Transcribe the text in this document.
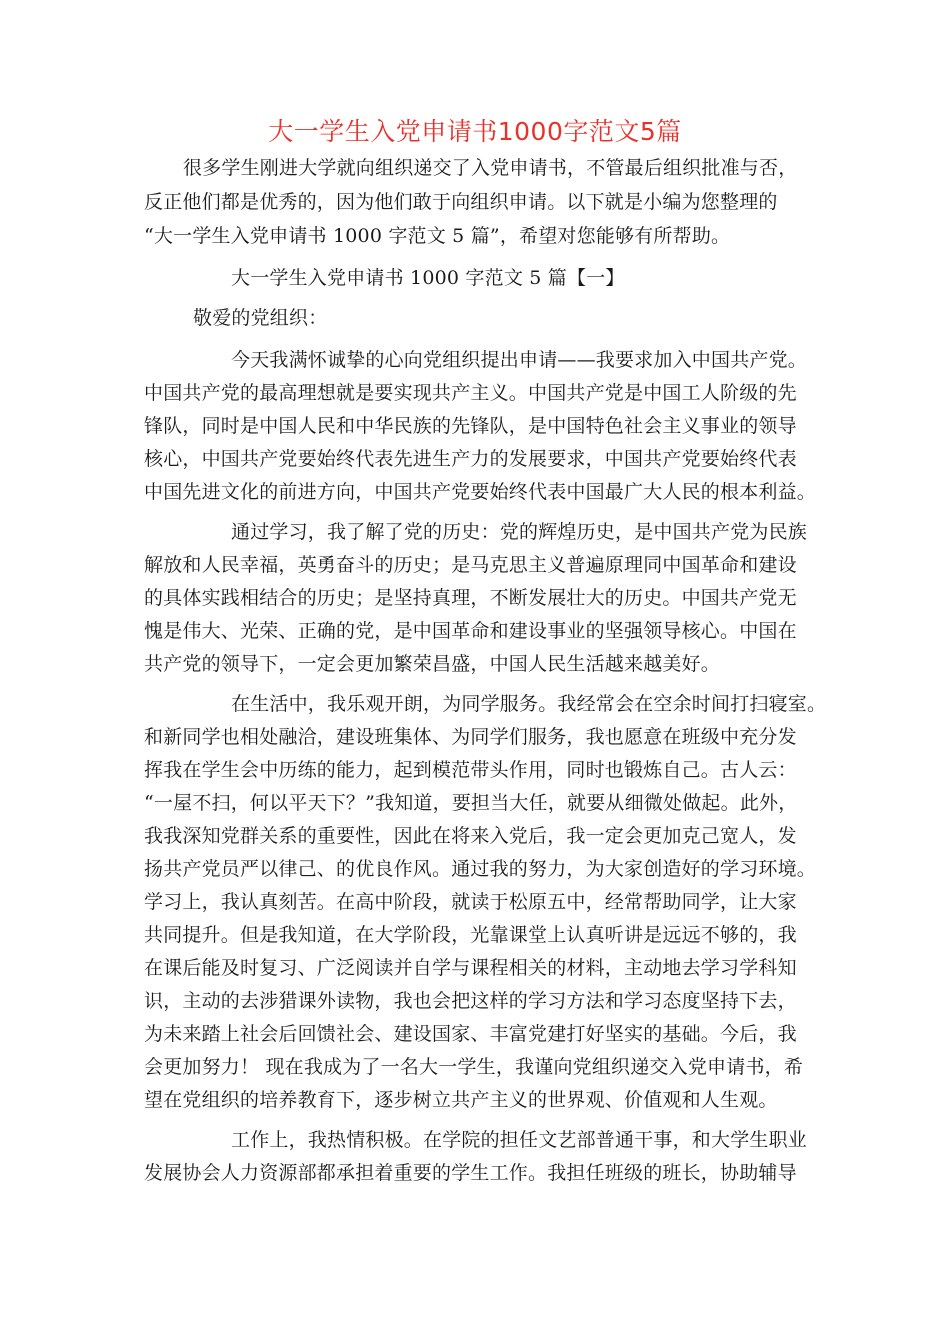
大一学生入党申请书1000字范文5篇
很多学生刚进大学就向组织递交了入党申请书，不管最后组织批准与否，
反正他们都是优秀的，因为他们敢于向组织申请。以下就是小编为您整理的
“大一学生入党申请书 1000 字范文 5 篇”，希望对您能够有所帮助。
大一学生入党申请书 1000 字范文 5 篇【一】
敬爱的党组织：
今天我满怀诚挚的心向党组织提出申请——我要求加入中国共产党。
中国共产党的最高理想就是要实现共产主义。中国共产党是中国工人阶级的先
锋队，同时是中国人民和中华民族的先锋队，是中国特色社会主义事业的领导
核心，中国共产党要始终代表先进生产力的发展要求，中国共产党要始终代表
中国先进文化的前进方向，中国共产党要始终代表中国最广大人民的根本利益。
通过学习，我了解了党的历史：党的辉煌历史，是中国共产党为民族
解放和人民幸福，英勇奋斗的历史；是马克思主义普遍原理同中国革命和建设
的具体实践相结合的历史；是坚持真理，不断发展壮大的历史。中国共产党无
愧是伟大、光荣、正确的党，是中国革命和建设事业的坚强领导核心。中国在
共产党的领导下，一定会更加繁荣昌盛，中国人民生活越来越美好。
在生活中，我乐观开朗，为同学服务。我经常会在空余时间打扫寝室。
和新同学也相处融洽，建设班集体、为同学们服务，我也愿意在班级中充分发
挥我在学生会中历练的能力，起到模范带头作用，同时也锻炼自己。古人云：
“一屋不扫，何以平天下？”我知道，要担当大任，就要从细微处做起。此外，
我我深知党群关系的重要性，因此在将来入党后，我一定会更加克己宽人，发
扬共产党员严以律己、的优良作风。通过我的努力，为大家创造好的学习环境。
学习上，我认真刻苦。在高中阶段，就读于松原五中，经常帮助同学，让大家
共同提升。但是我知道，在大学阶段，光靠课堂上认真听讲是远远不够的，我
在课后能及时复习、广泛阅读并自学与课程相关的材料，主动地去学习学科知
识，主动的去涉猎课外读物，我也会把这样的学习方法和学习态度坚持下去，
为未来踏上社会后回馈社会、建设国家、丰富党建打好坚实的基础。今后，我
会更加努力！ 现在我成为了一名大一学生，我谨向党组织递交入党申请书，希
望在党组织的培养教育下，逐步树立共产主义的世界观、价值观和人生观。
工作上，我热情积极。在学院的担任文艺部普通干事，和大学生职业
发展协会人力资源部都承担着重要的学生工作。我担任班级的班长，协助辅导
